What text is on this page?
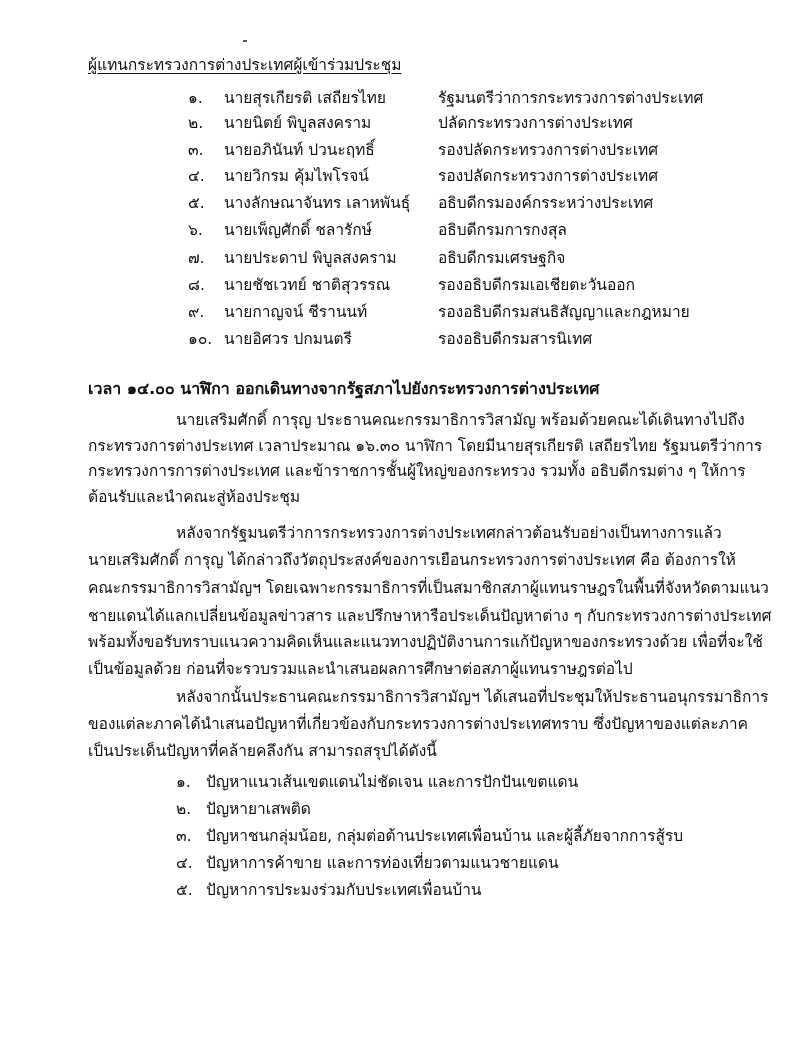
ผู้แทนกระทรวงการต่างประเทศผู้เข้าร่วมประชุม
๑. นายสุรเกียรติ เสถียรไทย	รัฐมนตรีว่าการกระทรวงการต่างประเทศ
๒. นายนิตย์ พิบูลสงคราม	ปลัดกระทรวงการต่างประเทศ
๓. นายอภินันท์ ปวนะฤทธิ์	รองปลัดกระทรวงการต่างประเทศ
๔. นายวิกรม คุ้มไพโรจน์	รองปลัดกระทรวงการต่างประเทศ
๕. นางลักษณาจันทร เลาหพันธุ์ อธิบดีกรมองค์กรระหว่างประเทศ
๖. นายเพ็ญศักดิ์ ชลารักษ์	อธิบดีกรมการกงสุล
๗. นายประดาป พิบูลสงคราม	อธิบดีกรมเศรษฐกิจ
๘. นายชัชเวทย์ ชาติสุวรรณ	รองอธิบดีกรมเอเชียตะวันออก
๙. นายกาญจน์ ชีรานนท์	รองอธิบดีกรมสนธิสัญญาและกฎหมาย
๑๐. นายอิศวร ปกมนตรี	รองอธิบดีกรมสารนิเทศ
เวลา ๑๔.๐๐ นาฬิกา ออกเดินทางจากรัฐสภาไปยังกระทรวงการต่างประเทศ
นายเสริมศักดิ์ การุญ ประธานคณะกรรมาธิการวิสามัญ พร้อมด้วยคณะได้เดินทางไปถึง
กระทรวงการต่างประเทศ เวลาประมาณ ๑๖.๓๐ นาฬิกา โดยมีนายสุรเกียรติ เสถียรไทย รัฐมนตรีว่าการ
กระทรวงการการต่างประเทศ และข้าราชการชั้นผู้ใหญ่ของกระทรวง รวมทั้ง อธิบดีกรมต่าง ๆ ให้การ
ต้อนรับและนำคณะสู่ห้องประชุม
หลังจากรัฐมนตรีว่าการกระทรวงการต่างประเทศกล่าวต้อนรับอย่างเป็นทางการแล้ว
นายเสริมศักดิ์ การุญ ได้กล่าวถึงวัตถุประสงค์ของการเยือนกระทรวงการต่างประเทศ คือ ต้องการให้
คณะกรรมาธิการวิสามัญฯ โดยเฉพาะกรรมาธิการที่เป็นสมาชิกสภาผู้แทนราษฎรในพื้นที่จังหวัดตามแนว
ชายแดนได้แลกเปลี่ยนข้อมูลข่าวสาร และปรึกษาหารือประเด็นปัญหาต่าง ๆ กับกระทรวงการต่างประเทศ
พร้อมทั้งขอรับทราบแนวความคิดเห็นและแนวทางปฏิบัติงานการแก้ปัญหาของกระทรวงด้วย เพื่อที่จะใช้
เป็นข้อมูลด้วย ก่อนที่จะรวบรวมและนำเสนอผลการศึกษาต่อสภาผู้แทนราษฎรต่อไป
หลังจากนั้นประธานคณะกรรมาธิการวิสามัญฯ ได้เสนอที่ประชุมให้ประธานอนุกรรมาธิการ
ของแต่ละภาคได้นำเสนอปัญหาที่เกี่ยวข้องกับกระทรวงการต่างประเทศทราบ ซึ่งปัญหาของแต่ละภาค
เป็นประเด็นปัญหาที่คล้ายคลึงกัน สามารถสรุปได้ดังนี้
๑. ปัญหาแนวเส้นเขตแดนไม่ชัดเจน และการปักปันเขตแดน
๒. ปัญหายาเสพติด
๓. ปัญหาชนกลุ่มน้อย, กลุ่มต่อต้านประเทศเพื่อนบ้าน และผู้ลี้ภัยจากการสู้รบ
๔. ปัญหาการค้าขาย และการท่องเที่ยวตามแนวชายแดน
๕. ปัญหาการประมงร่วมกับประเทศเพื่อนบ้าน
